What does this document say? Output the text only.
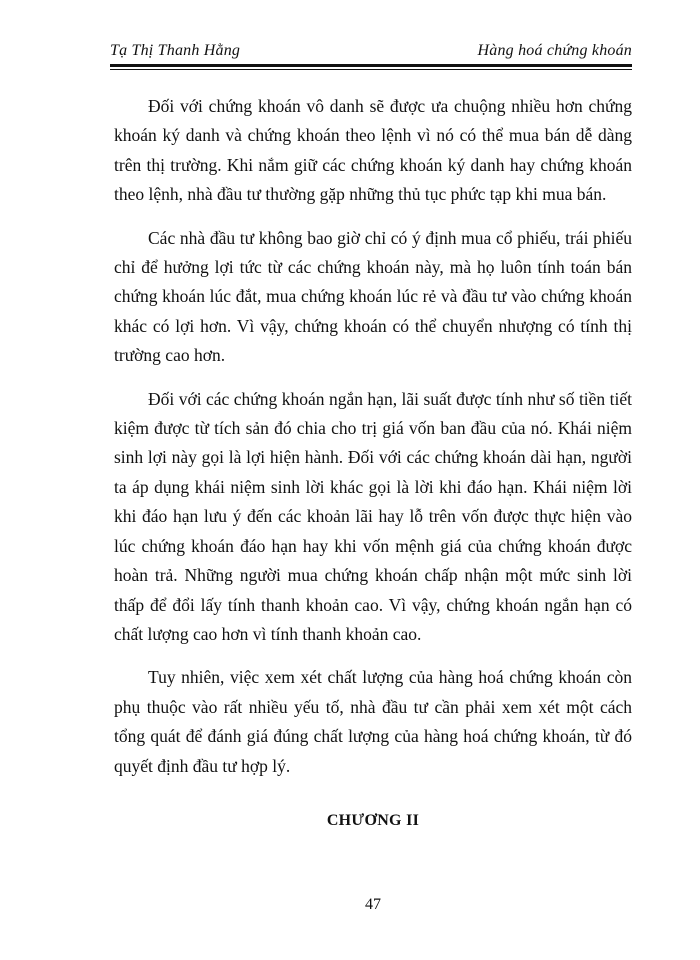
Tạ Thị Thanh Hằng	Hàng hoá chứng khoán

Đối với chứng khoán vô danh sẽ được ưa chuộng nhiều hơn chứng khoán ký danh và chứng khoán theo lệnh vì nó có thể mua bán dễ dàng trên thị trường. Khi nắm giữ các chứng khoán ký danh hay chứng khoán theo lệnh, nhà đầu tư thường gặp những thủ tục phức tạp khi mua bán.

Các nhà đầu tư không bao giờ chỉ có ý định mua cổ phiếu, trái phiếu chỉ để hưởng lợi tức từ các chứng khoán này, mà họ luôn tính toán bán chứng khoán lúc đắt, mua chứng khoán lúc rẻ và đầu tư vào chứng khoán khác có lợi hơn. Vì vậy, chứng khoán có thể chuyển nhượng có tính thị trường cao hơn.

Đối với các chứng khoán ngắn hạn, lãi suất được tính như số tiền tiết kiệm được từ tích sản đó chia cho trị giá vốn ban đầu của nó. Khái niệm sinh lợi này gọi là lợi hiện hành. Đối với các chứng khoán dài hạn, người ta áp dụng khái niệm sinh lời khác gọi là lời khi đáo hạn. Khái niệm lời khi đáo hạn lưu ý đến các khoản lãi hay lỗ trên vốn được thực hiện vào lúc chứng khoán đáo hạn hay khi vốn mệnh giá của chứng khoán được hoàn trả. Những người mua chứng khoán chấp nhận một mức sinh lời thấp để đổi lấy tính thanh khoản cao. Vì vậy, chứng khoán ngắn hạn có chất lượng cao hơn vì tính thanh khoản cao.

Tuy nhiên, việc xem xét chất lượng của hàng hoá chứng khoán còn phụ thuộc vào rất nhiều yếu tố, nhà đầu tư cần phải xem xét một cách tổng quát để đánh giá đúng chất lượng của hàng hoá chứng khoán, từ đó quyết định đầu tư hợp lý.

CHƯƠNG II
47
